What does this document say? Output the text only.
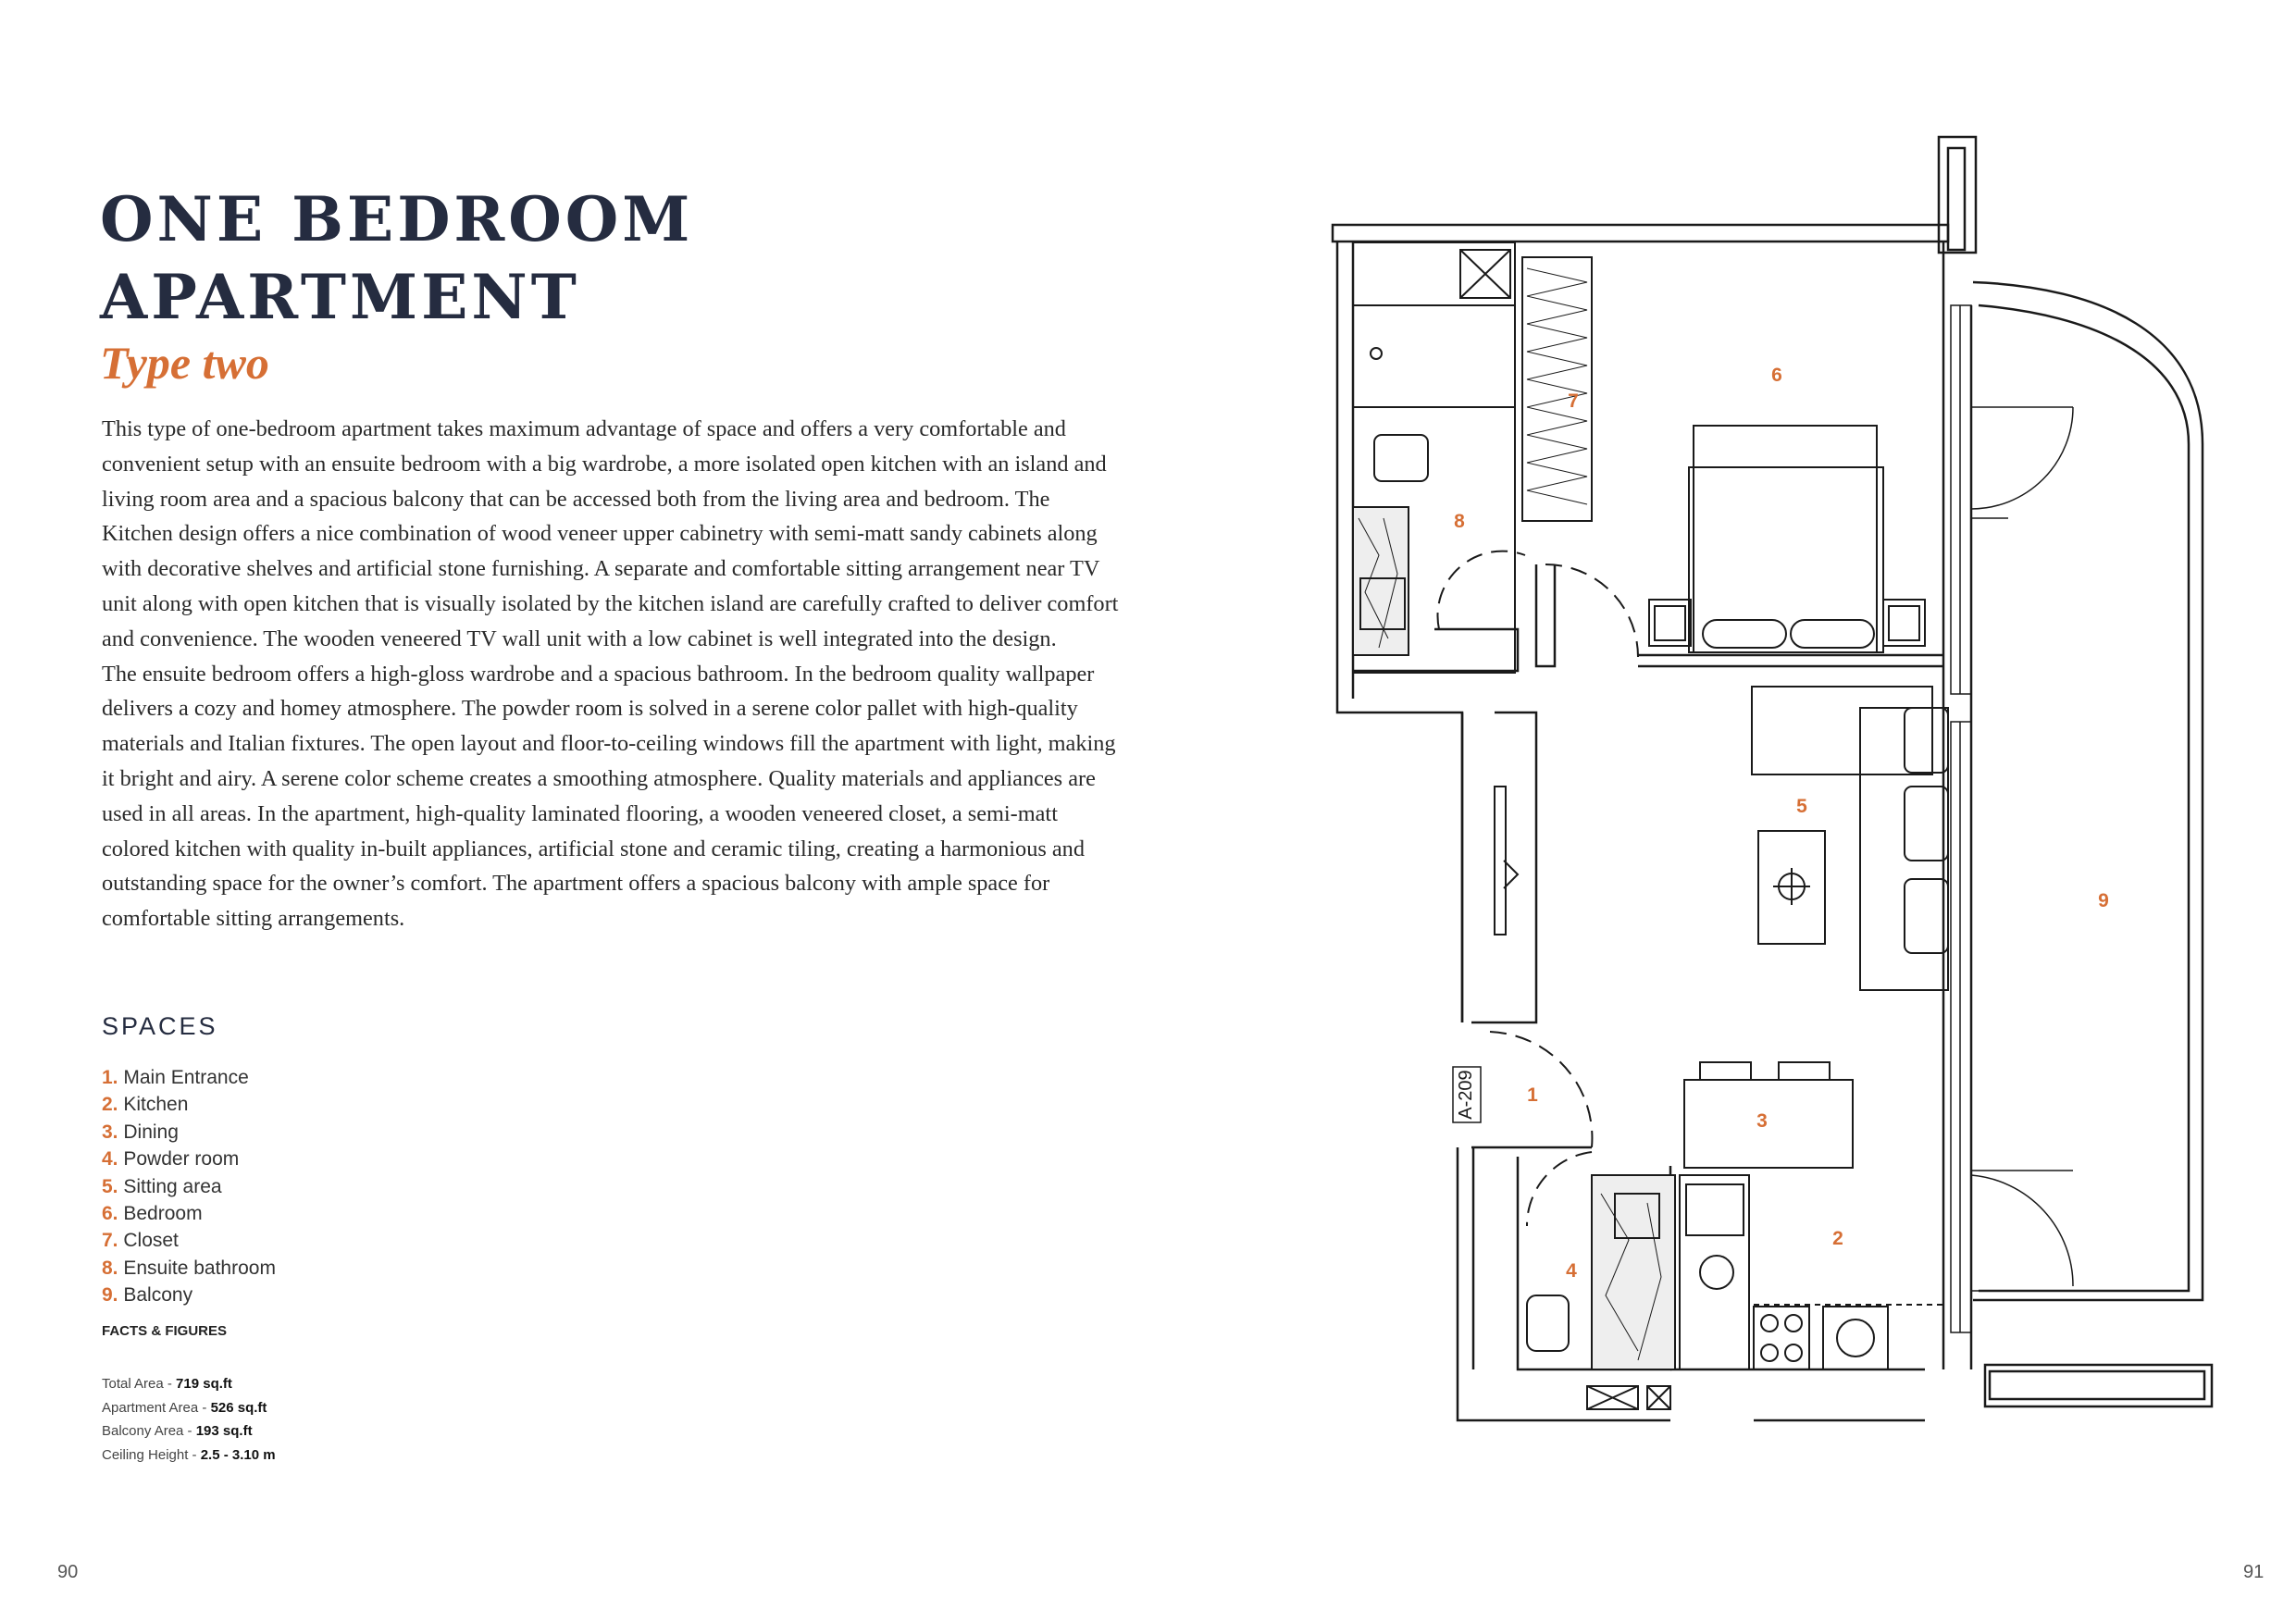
ONE BEDROOM
APARTMENT
Type two

This type of one-bedroom apartment takes maximum advantage of space and offers a very comfortable and convenient setup with an ensuite bedroom with a big wardrobe, a more isolated open kitchen with an island and living room area and a spacious balcony that can be accessed both from the living area and bedroom. The Kitchen design offers a nice combination of wood veneer upper cabinetry with semi-matt sandy cabinets along with decorative shelves and artificial stone furnishing. A separate and comfortable sitting arrangement near TV unit along with open kitchen that is visually isolated by the kitchen island are carefully crafted to deliver comfort and convenience. The wooden veneered TV wall unit with a low cabinet is well integrated into the design.

The ensuite bedroom offers a high-gloss wardrobe and a spacious bathroom. In the bedroom quality wallpaper delivers a cozy and homey atmosphere. The powder room is solved in a serene color pallet with high-quality materials and Italian fixtures. The open layout and floor-to-ceiling windows fill the apartment with light, making it bright and airy. A serene color scheme creates a smoothing atmosphere. Quality materials and appliances are used in all areas. In the apartment, high-quality laminated flooring, a wooden veneered closet, a semi-matt colored kitchen with quality in-built appliances, artificial stone and ceramic tiling, creating a harmonious and outstanding space for the owner’s comfort. The apartment offers a spacious balcony with ample space for comfortable sitting arrangements.

SPACES
1. Main Entrance
2. Kitchen
3. Dining
4. Powder room
5. Sitting area
6. Bedroom
7. Closet
8. Ensuite bathroom
9. Balcony
FACTS & FIGURES
Total Area - 719 sq.ft
Apartment Area - 526 sq.ft
Balcony Area - 193 sq.ft
Ceiling Height - 2.5 - 3.10 m
90	91
A-209	1
2
3
4
5
6
7
8
9
